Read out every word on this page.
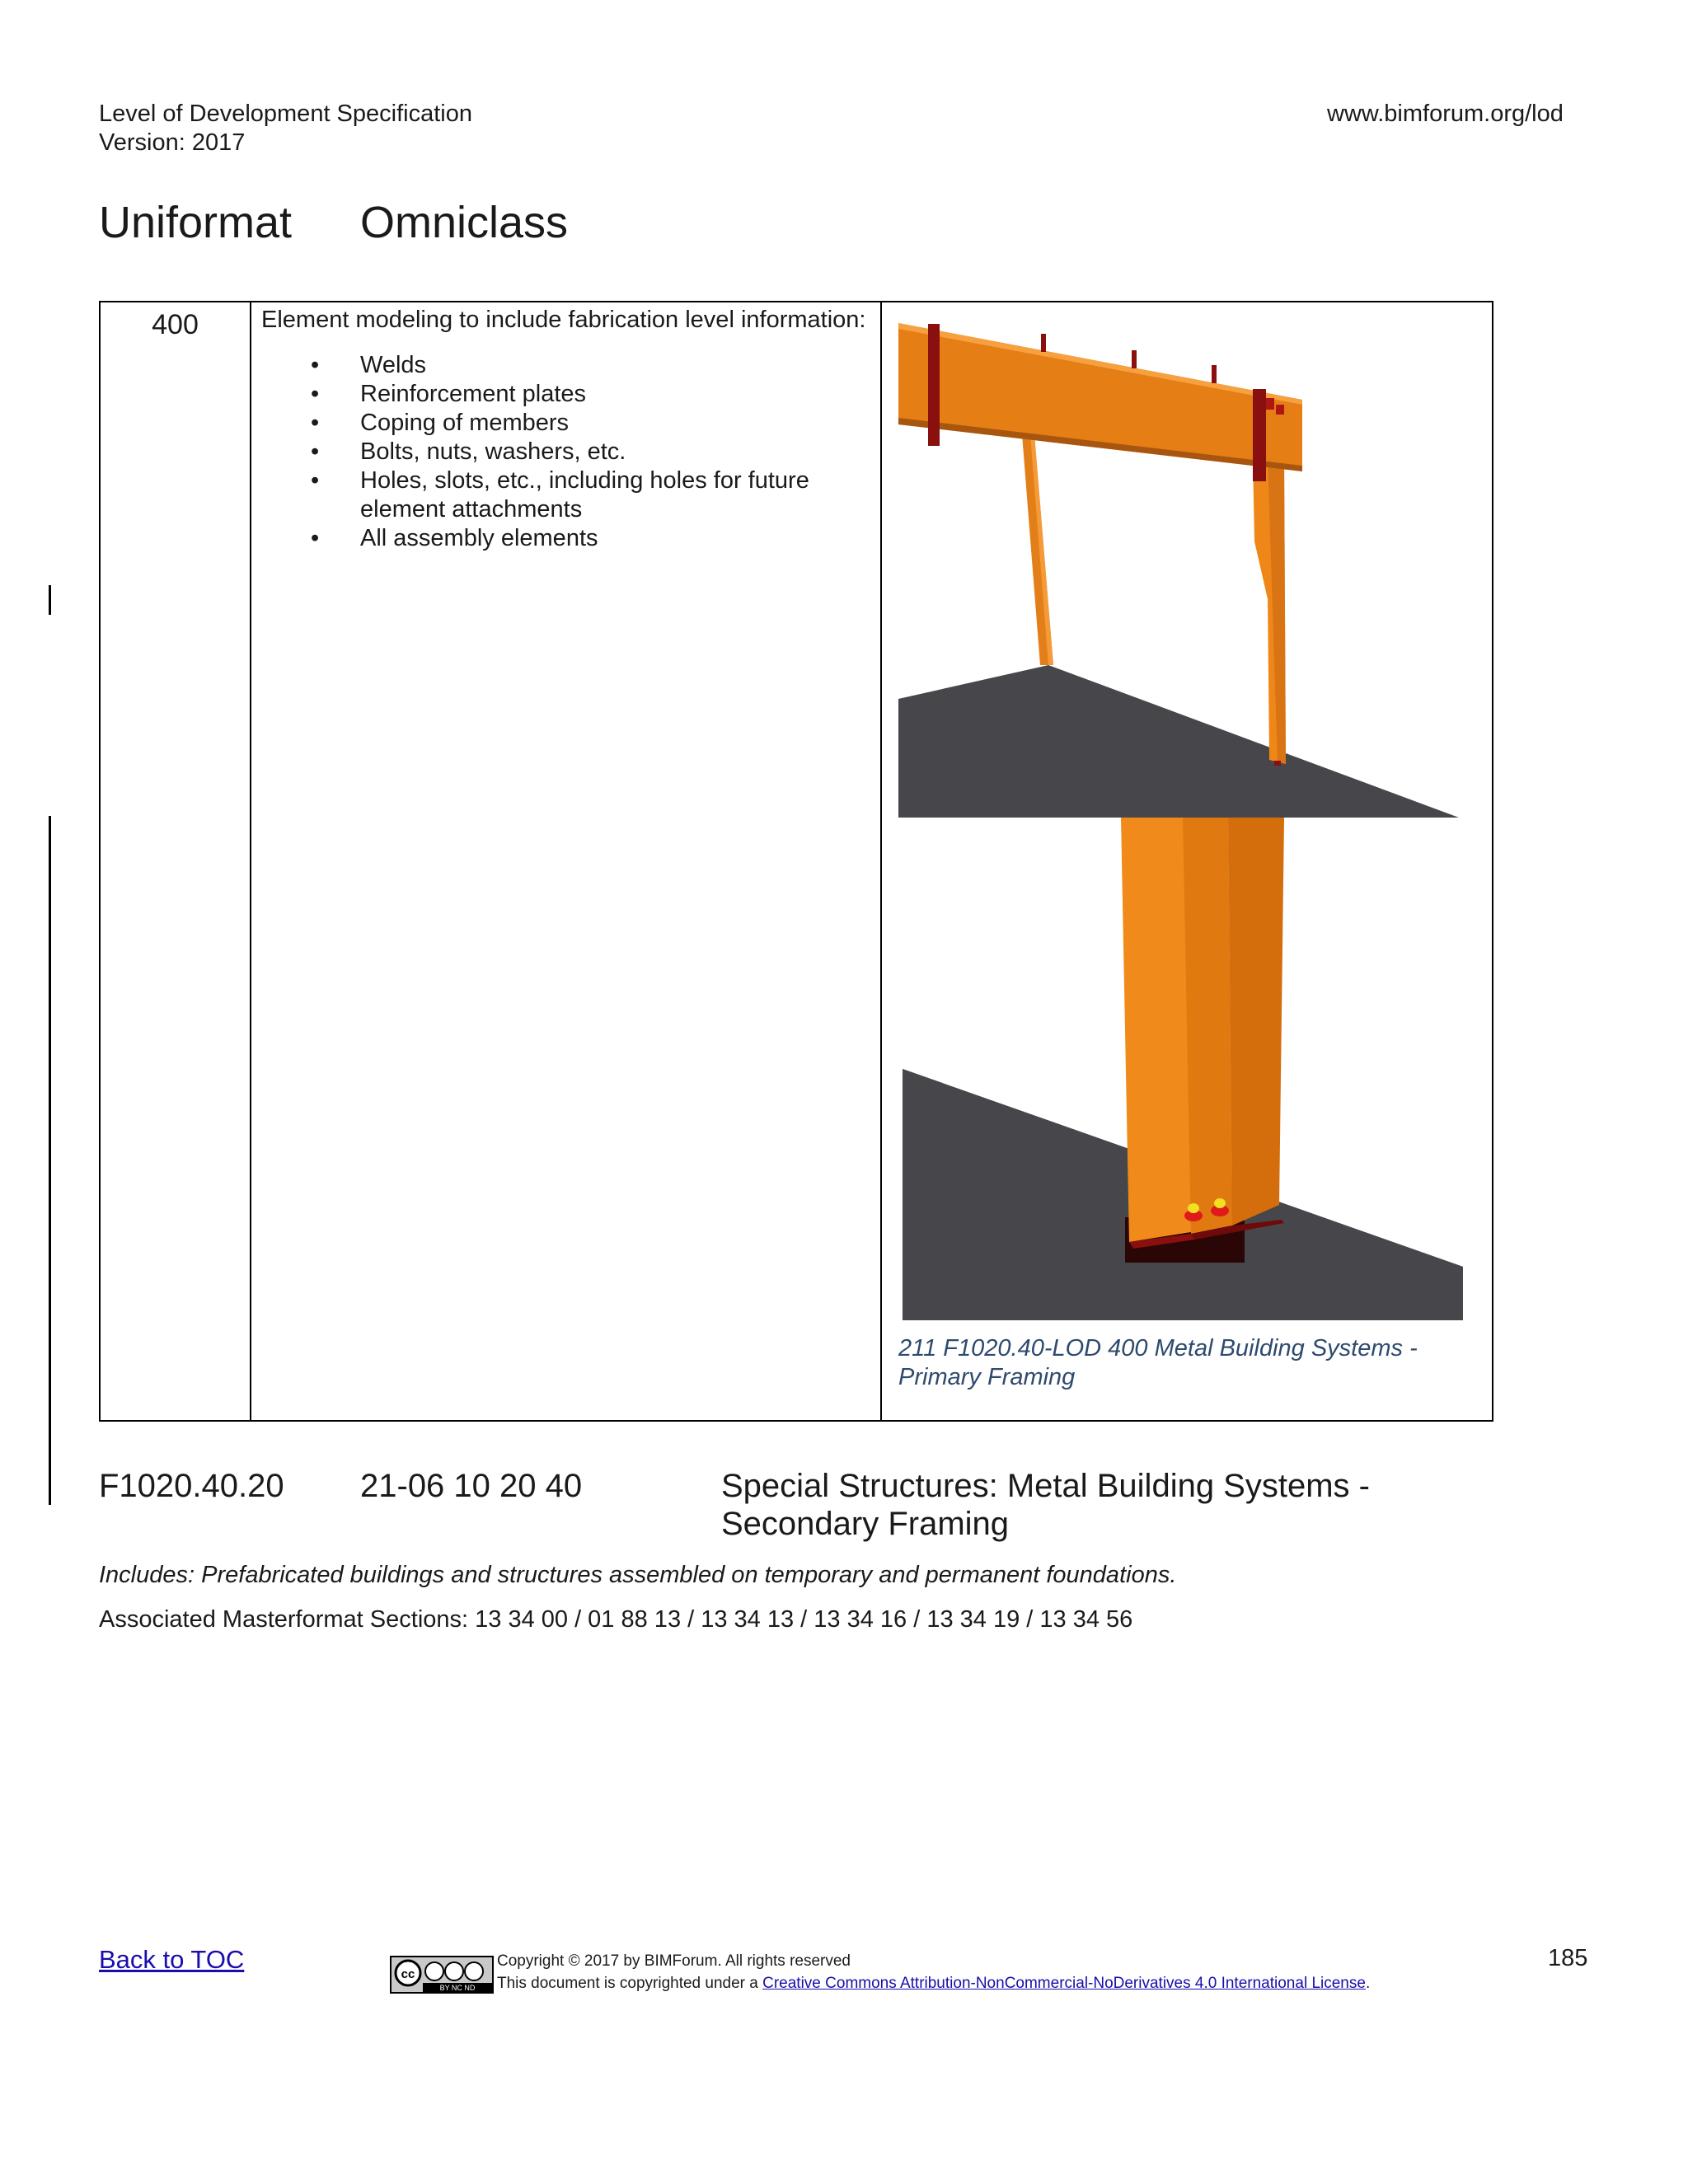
Level of Development Specification
Version: 2017
www.bimforum.org/lod
Uniformat Omniclass
400	Element modeling to include fabrication level information:
• Welds
• Reinforcement plates
• Coping of members
• Bolts, nuts, washers, etc.
• Holes, slots, etc., including holes for future element attachments
• All assembly elements

211 F1020.40-LOD 400 Metal Building Systems - Primary Framing
F1020.40.20 21-06 10 20 40	Special Structures: Metal Building Systems - Secondary Framing
Includes: Prefabricated buildings and structures assembled on temporary and permanent foundations.
Associated Masterformat Sections: 13 34 00 / 01 88 13 / 13 34 13 / 13 34 16 / 13 34 19 / 13 34 56
Back to TOC
cc
BY NC ND
Copyright © 2017 by BIMForum. All rights reserved
This document is copyrighted under a Creative Commons Attribution-NonCommercial-NoDerivatives 4.0 International License.
185
